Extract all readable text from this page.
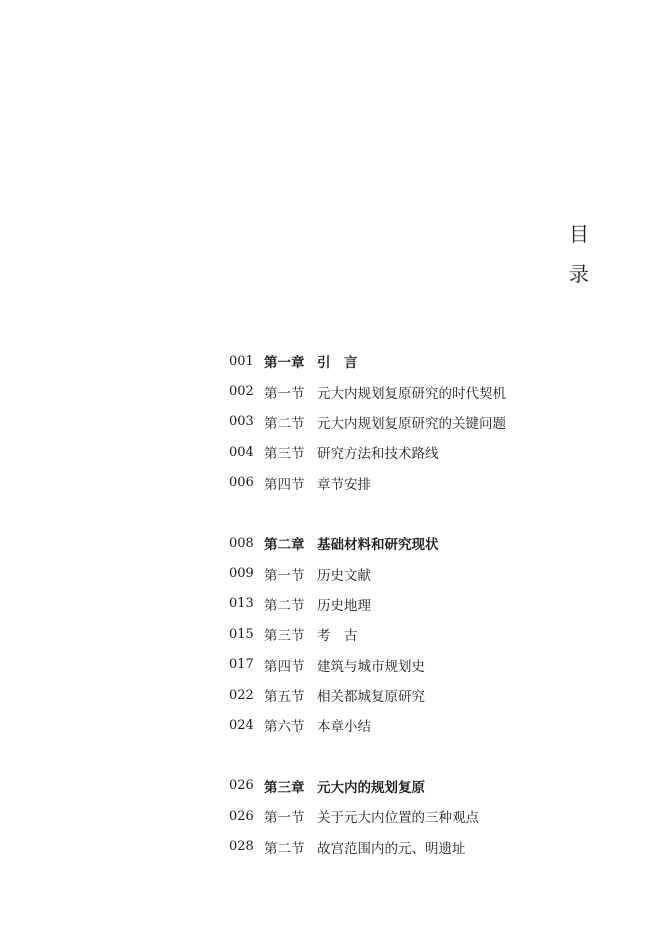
目
录
001 第一章 引　言
002 第一节 元大内规划复原研究的时代契机
003 第二节 元大内规划复原研究的关键问题
004 第三节 研究方法和技术路线
006 第四节 章节安排
008 第二章 基础材料和研究现状
009 第一节 历史文献
013 第二节 历史地理
015 第三节 考　古
017 第四节 建筑与城市规划史
022 第五节 相关都城复原研究
024 第六节 本章小结
026 第三章 元大内的规划复原
026 第一节 关于元大内位置的三种观点
028 第二节 故宫范围内的元、明遗址
